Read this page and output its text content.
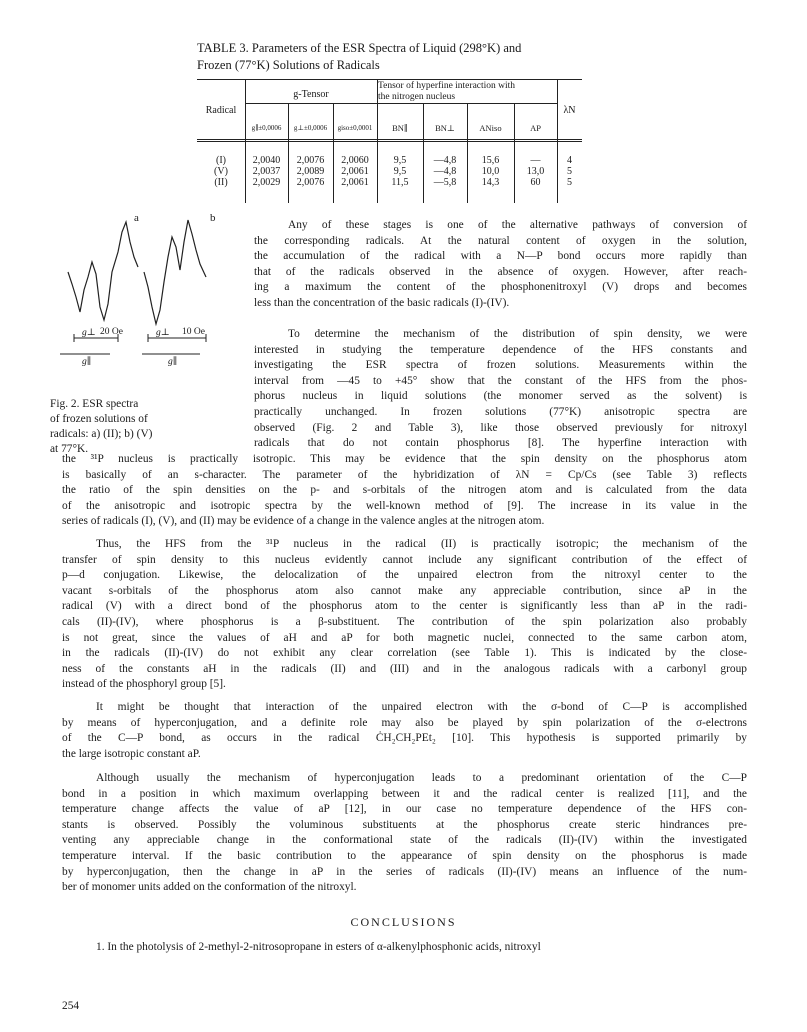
TABLE 3. Parameters of the ESR Spectra of Liquid (298°K) and
Frozen (77°K) Solutions of Radicals
Radical
g-Tensor
Tensor of hyperfine interaction with
the nitrogen nucleus
λN
g∥±0,0006	g⊥±0,0006	giso±0,0001	BN∥	BN⊥	ANiso	AP
(I)	2,0040	2,0076	2,0060	9,5	—4,8	15,6	—	4
(V)	2,0037	2,0089	2,0061	9,5	—4,8	10,0	13,0	5
(II)	2,0029	2,0076	2,0061	11,5	—5,8	14,3	60	5
a	b
g⊥ 20 Oe	g⊥ 10 Oe
g∥	g∥
Fig. 2. ESR spectra
of frozen solutions of
radicals: a) (II); b) (V)
at 77°K.
Any of these stages is one of the alternative pathways of conversion of
the corresponding radicals. At the natural content of oxygen in the solution,
the accumulation of the radical with a N—P bond occurs more rapidly than
that of the radicals observed in the absence of oxygen. However, after reach-
ing a maximum the content of the phosphonenitroxyl (V) drops and becomes
less than the concentration of the basic radicals (I)-(IV).
To determine the mechanism of the distribution of spin density, we were
interested in studying the temperature dependence of the HFS constants and
investigating the ESR spectra of frozen solutions. Measurements within the
interval from —45 to +45° show that the constant of the HFS from the phos-
phorus nucleus in liquid solutions (the monomer served as the solvent) is
practically unchanged. In frozen solutions (77°K) anisotropic spectra are
observed (Fig. 2 and Table 3), like those observed previously for nitroxyl
radicals that do not contain phosphorus [8]. The hyperfine interaction with
the ³¹P nucleus is practically isotropic. This may be evidence that the spin density on the phosphorus atom
is basically of an s-character. The parameter of the hybridization of λN = Cp/Cs (see Table 3) reflects
the ratio of the spin densities on the p- and s-orbitals of the nitrogen atom and is calculated from the data
of the anisotropic and isotropic spectra by the well-known method of [9]. The increase in its value in the
series of radicals (I), (V), and (II) may be evidence of a change in the valence angles at the nitrogen atom.
Thus, the HFS from the ³¹P nucleus in the radical (II) is practically isotropic; the mechanism of the
transfer of spin density to this nucleus evidently cannot include any significant contribution of the effect of
p—d conjugation. Likewise, the delocalization of the unpaired electron from the nitroxyl center to the
vacant s-orbitals of the phosphorus atom also cannot make any appreciable contribution, since aP in the
radical (V) with a direct bond of the phosphorus atom to the center is significantly less than aP in the radi-
cals (II)-(IV), where phosphorus is a β-substituent. The contribution of the spin polarization also probably
is not great, since the values of aH and aP for both magnetic nuclei, connected to the same carbon atom,
in the radicals (II)-(IV) do not exhibit any clear correlation (see Table 1). This is indicated by the close-
ness of the constants aH in the radicals (II) and (III) and in the analogous radicals with a carbonyl group
instead of the phosphoryl group [5].
It might be thought that interaction of the unpaired electron with the σ-bond of C—P is accomplished
by means of hyperconjugation, and a definite role may also be played by spin polarization of the σ-electrons
of the C—P bond, as occurs in the radical ĊH₂CH₂PEt₂ [10]. This hypothesis is supported primarily by
the large isotropic constant aP.
Although usually the mechanism of hyperconjugation leads to a predominant orientation of the C—P
bond in a position in which maximum overlapping between it and the radical center is realized [11], and the
temperature change affects the value of aP [12], in our case no temperature dependence of the HFS con-
stants is observed. Possibly the voluminous substituents at the phosphorus create steric hindrances pre-
venting any appreciable change in the conformational state of the radicals (II)-(IV) within the investigated
temperature interval. If the basic contribution to the appearance of spin density on the phosphorus is made
by hyperconjugation, then the change in aP in the series of radicals (II)-(IV) means an influence of the num-
ber of monomer units added on the conformation of the nitroxyl.
CONCLUSIONS
1. In the photolysis of 2-methyl-2-nitrosopropane in esters of α-alkenylphosphonic acids, nitroxyl
254
